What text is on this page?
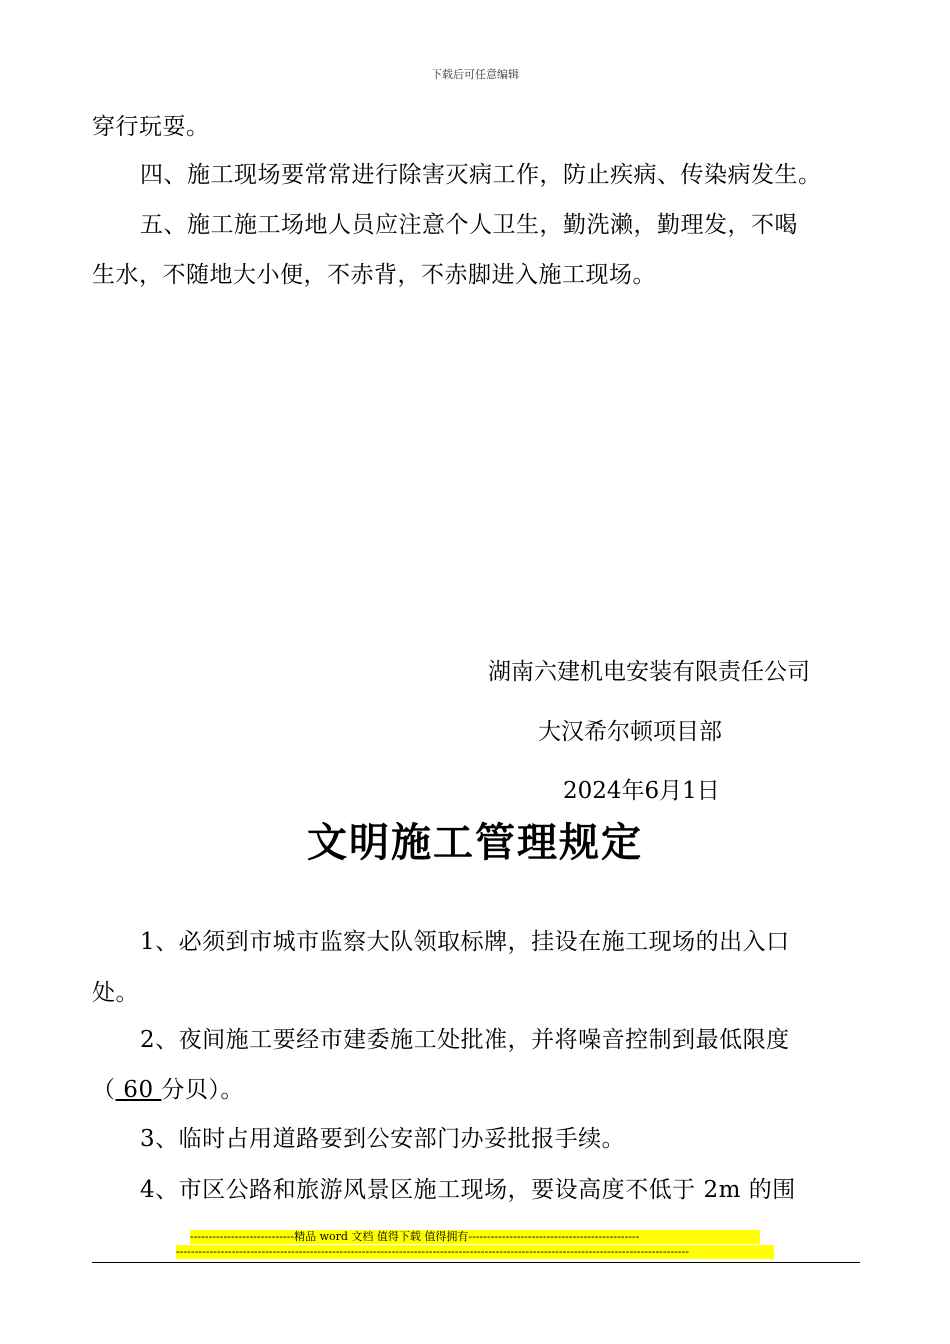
下载后可任意编辑
穿行玩耍。
四、施工现场要常常进行除害灭病工作，防止疾病、传染病发生。
五、施工施工场地人员应注意个人卫生，勤洗濑，勤理发，不喝
生水，不随地大小便，不赤背，不赤脚进入施工现场。
湖南六建机电安装有限责任公司
大汉希尔顿项目部
2024年6月1日
文明施工管理规定
1、必须到市城市监察大队领取标牌，挂设在施工现场的出入口
处。
2、夜间施工要经市建委施工处批准，并将噪音控制到最低限度
（ 60 分贝）。
3、临时占用道路要到公安部门办妥批报手续。
4、市区公路和旅游风景区施工现场，要设高度不低于 2m 的围
----------------------------精品 word 文档 值得下载 值得拥有----------------------------------------------
------------------------------------------------------------------------------------------------------------------------------------------
